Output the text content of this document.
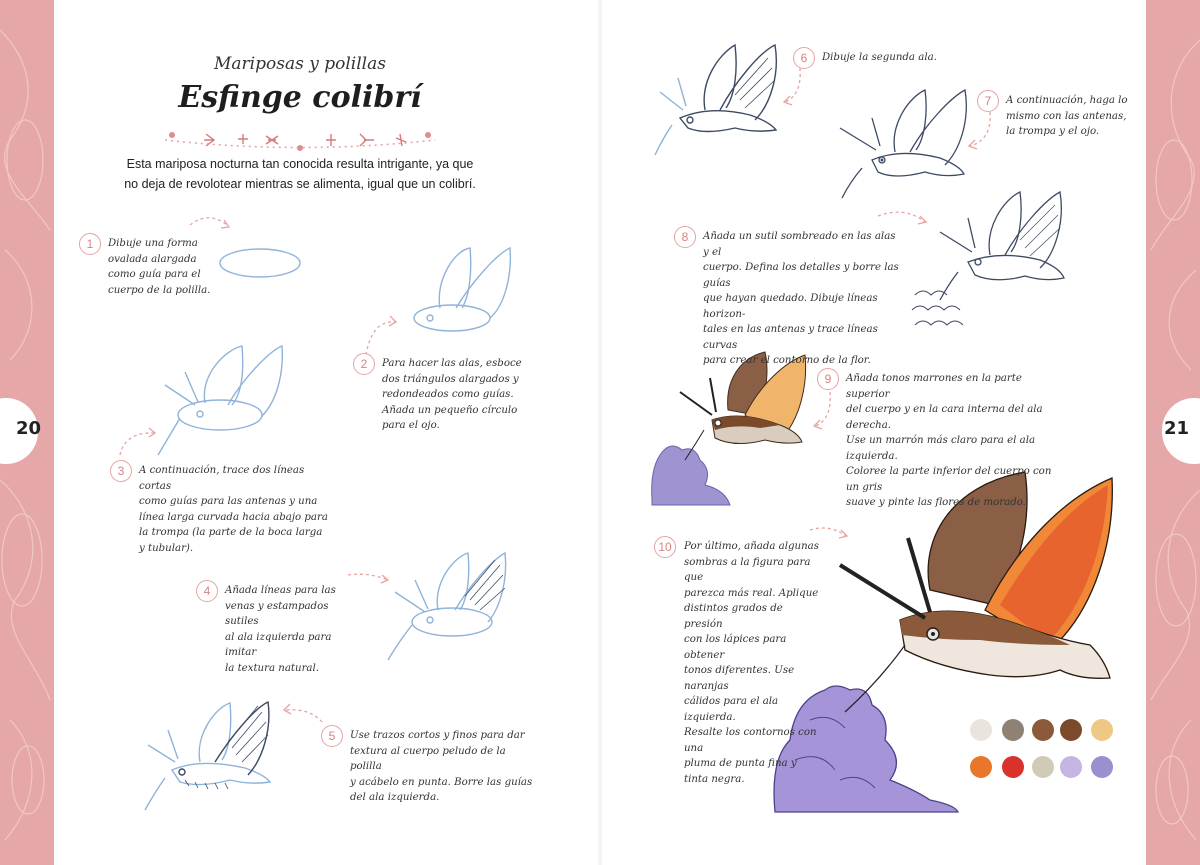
20	21
Mariposas y polillas
Esfinge colibrí
Esta mariposa nocturna tan conocida resulta intrigante, ya que
no deja de revolotear mientras se alimenta, igual que un colibrí.
1	Dibuje una forma
ovalada alargada
como guía para el
cuerpo de la polilla.
2	Para hacer las alas, esboce
dos triángulos alargados y
redondeados como guías.
Añada un pequeño círculo
para el ojo.
3	A continuación, trace dos líneas cortas
como guías para las antenas y una
línea larga curvada hacia abajo para
la trompa (la parte de la boca larga
y tubular).
4	Añada líneas para las
venas y estampados sutiles
al ala izquierda para imitar
la textura natural.
5	Use trazos cortos y finos para dar
textura al cuerpo peludo de la polilla
y acábelo en punta. Borre las guías
del ala izquierda.
6	Dibuje la segunda ala.
7	A continuación, haga lo
mismo con las antenas,
la trompa y el ojo.
8	Añada un sutil sombreado en las alas y el
cuerpo. Defina los detalles y borre las guías
que hayan quedado. Dibuje líneas horizon-
tales en las antenas y trace líneas curvas
para crear el contorno de la flor.
9	Añada tonos marrones en la parte superior
del cuerpo y en la cara interna del ala derecha.
Use un marrón más claro para el ala izquierda.
Coloree la parte inferior del cuerpo con un gris
suave y pinte las flores de morado.
10	Por último, añada algunas
sombras a la figura para que
parezca más real. Aplique
distintos grados de presión
con los lápices para obtener
tonos diferentes. Use naranjas
cálidos para el ala izquierda.
Resalte los contornos con una
pluma de punta fina y
tinta negra.
